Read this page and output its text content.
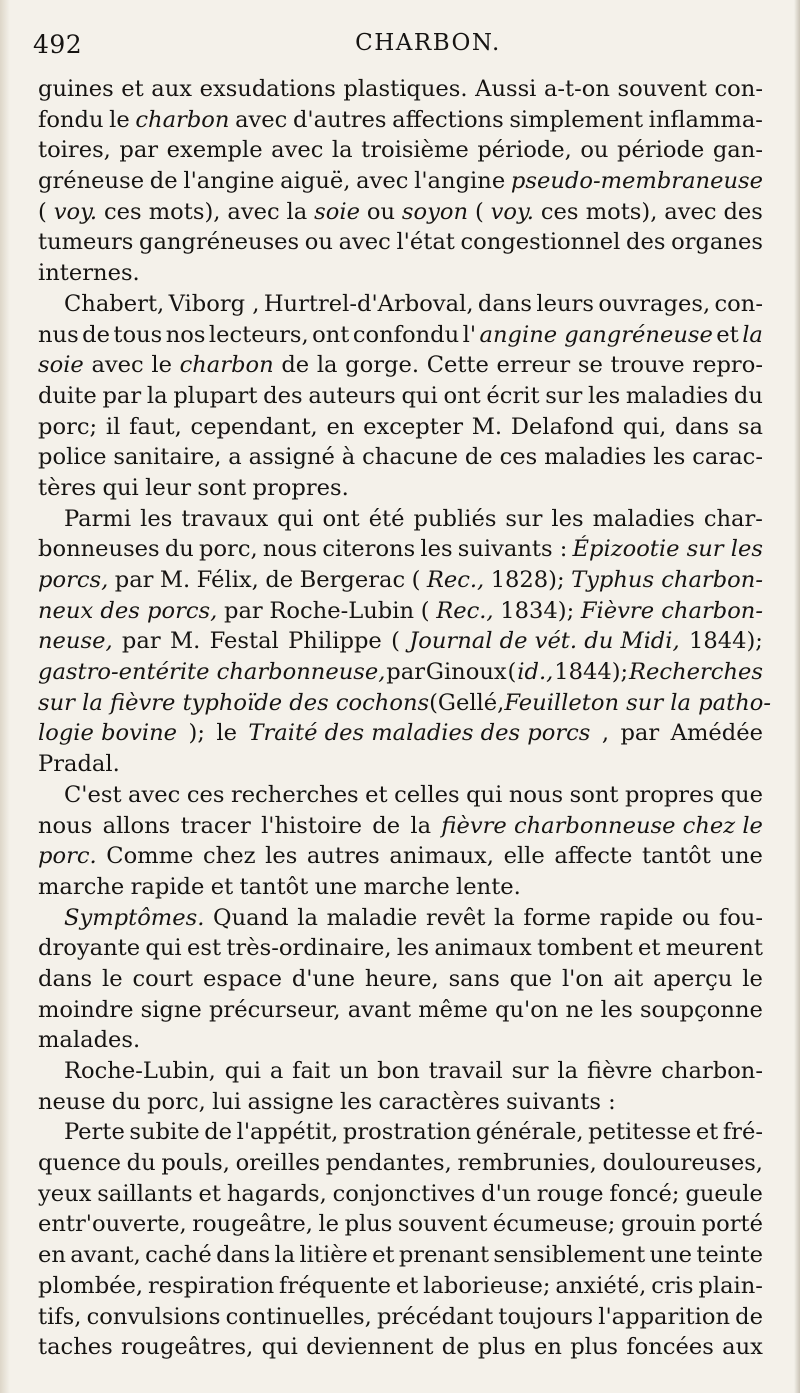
492	CHARBON.
guines et aux exsudations plastiques. Aussi a-t-on souvent con-
fondu le charbon avec d'autres affections simplement inflamma-
toires, par exemple avec la troisième période, ou période gan-
gréneuse de l'angine aiguë, avec l'angine pseudo-membraneuse
( voy. ces mots), avec la soie ou soyon ( voy. ces mots), avec des
tumeurs gangréneuses ou avec l'état congestionnel des organes
internes.
Chabert, Viborg , Hurtrel-d'Arboval, dans leurs ouvrages, con-
nus de tous nos lecteurs, ont confondu l' angine gangréneuse et la
soie avec le charbon de la gorge. Cette erreur se trouve repro-
duite par la plupart des auteurs qui ont écrit sur les maladies du
porc; il faut, cependant, en excepter M. Delafond qui, dans sa
police sanitaire, a assigné à chacune de ces maladies les carac-
tères qui leur sont propres.
Parmi les travaux qui ont été publiés sur les maladies char-
bonneuses du porc, nous citerons les suivants : Épizootie sur les
porcs, par M. Félix, de Bergerac ( Rec., 1828); Typhus charbon-
neux des porcs, par Roche-Lubin ( Rec., 1834); Fièvre charbon-
neuse, par M. Festal Philippe ( Journal de vét. du Midi, 1844);
gastro-entérite charbonneuse, par Ginoux ( id., 1844); Recherches
sur la fièvre typhoïde des cochons (Gellé, Feuilleton sur la patho-
logie bovine ); le Traité des maladies des porcs , par Amédée
Pradal.
C'est avec ces recherches et celles qui nous sont propres que
nous allons tracer l'histoire de la fièvre charbonneuse chez le
porc. Comme chez les autres animaux, elle affecte tantôt une
marche rapide et tantôt une marche lente.
Symptômes. Quand la maladie revêt la forme rapide ou fou-
droyante qui est très-ordinaire, les animaux tombent et meurent
dans le court espace d'une heure, sans que l'on ait aperçu le
moindre signe précurseur, avant même qu'on ne les soupçonne
malades.
Roche-Lubin, qui a fait un bon travail sur la fièvre charbon-
neuse du porc, lui assigne les caractères suivants :
Perte subite de l'appétit, prostration générale, petitesse et fré-
quence du pouls, oreilles pendantes, rembrunies, douloureuses,
yeux saillants et hagards, conjonctives d'un rouge foncé; gueule
entr'ouverte, rougeâtre, le plus souvent écumeuse; grouin porté
en avant, caché dans la litière et prenant sensiblement une teinte
plombée, respiration fréquente et laborieuse; anxiété, cris plain-
tifs, convulsions continuelles, précédant toujours l'apparition de
taches rougeâtres, qui deviennent de plus en plus foncées aux
